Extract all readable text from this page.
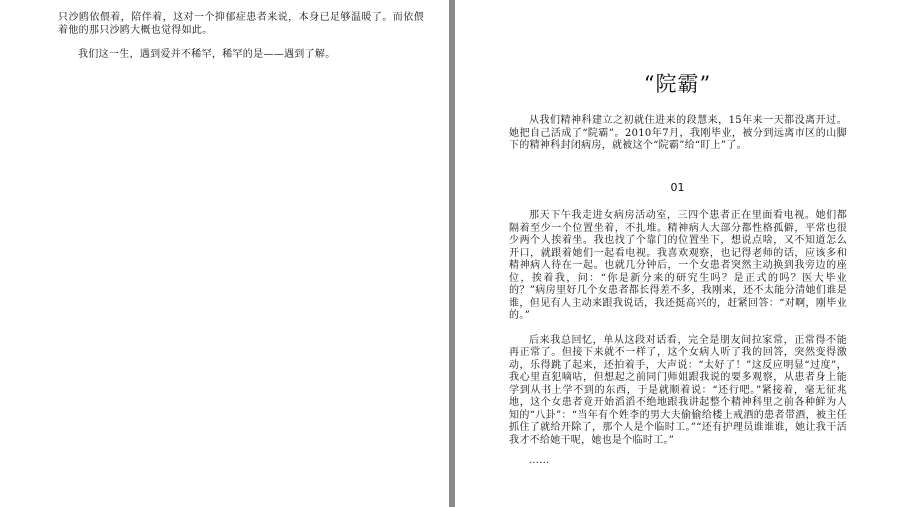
只沙鸥依偎着，陪伴着，这对一个抑郁症患者来说，本身已足够温暖了。而依偎着他的那只沙鸥大概也觉得如此。

我们这一生，遇到爱并不稀罕，稀罕的是——遇到了解。

“院霸”

从我们精神科建立之初就住进来的段慧来，15年来一天都没离开过。她把自己活成了“院霸”。2010年7月，我刚毕业，被分到远离市区的山脚下的精神科封闭病房，就被这个“院霸”给“盯上”了。

01

那天下午我走进女病房活动室，三四个患者正在里面看电视。她们都隔着至少一个位置坐着，不扎堆。精神病人大部分都性格孤僻，平常也很少两个人挨着坐。我也找了个靠门的位置坐下，想说点啥，又不知道怎么开口，就跟着她们一起看电视。我喜欢观察，也记得老师的话，应该多和精神病人待在一起。也就几分钟后，一个女患者突然主动换到我旁边的座位，挨着我，问：“你是新分来的研究生吗？是正式的吗？医大毕业的？”病房里好几个女患者都长得差不多，我刚来，还不太能分清她们谁是谁，但见有人主动来跟我说话，我还挺高兴的，赶紧回答：“对啊，刚毕业的。”

后来我总回忆，单从这段对话看，完全是朋友间拉家常，正常得不能再正常了。但接下来就不一样了，这个女病人听了我的回答，突然变得激动，乐得跳了起来，还拍着手，大声说：“太好了！”这反应明显“过度”，我心里直犯嘀咕，但想起之前同门师姐跟我说的要多观察，从患者身上能学到从书上学不到的东西，于是就顺着说：“还行吧。”紧接着，毫无征兆地，这个女患者竟开始滔滔不绝地跟我讲起整个精神科里之前各种鲜为人知的“八卦”：“当年有个姓李的男大夫偷偷给楼上戒酒的患者带酒，被主任抓住了就给开除了，那个人是个临时工。”“还有护理员谁谁谁，她让我干活我才不给她干呢，她也是个临时工。”

……
